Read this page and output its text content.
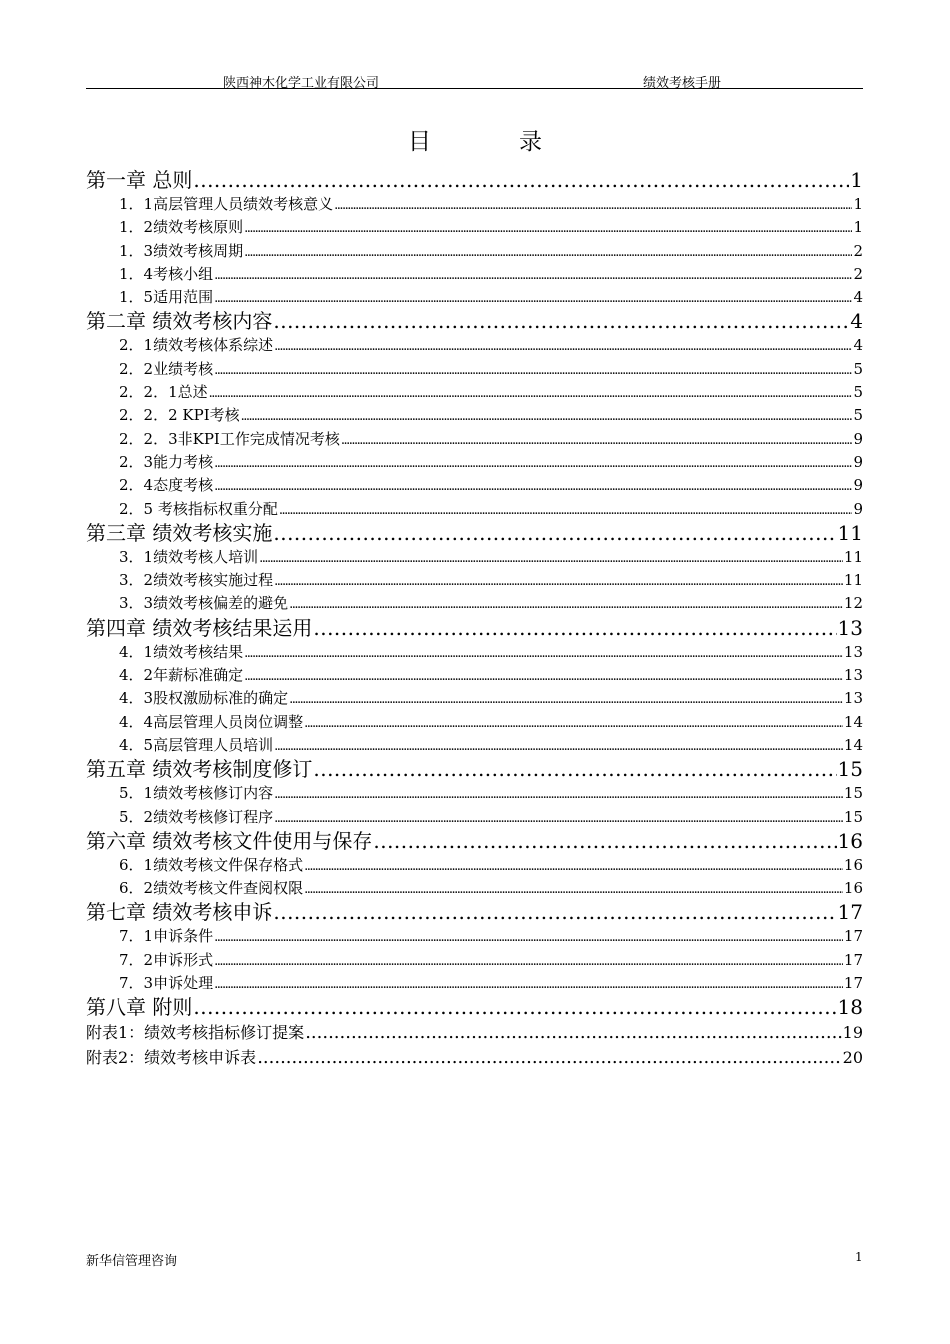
陕西神木化学工业有限公司	绩效考核手册
目	录
第一章 总则 .....	1
1．1高层管理人员绩效考核意义 .....	1
1．2绩效考核原则 .....	1
1．3绩效考核周期 .....	2
1．4考核小组 .....	2
1．5适用范围 .....	4
第二章 绩效考核内容 .....	4
2．1绩效考核体系综述 .....	4
2．2业绩考核 .....	5
2．2．1总述 .....	5
2．2．2 KPI考核 .....	5
2．2．3非KPI工作完成情况考核 .....	9
2．3能力考核 .....	9
2．4态度考核 .....	9
2．5 考核指标权重分配 .....	9
第三章 绩效考核实施 .....	11
3．1绩效考核人培训 .....	11
3．2绩效考核实施过程 .....	11
3．3绩效考核偏差的避免 .....	12
第四章 绩效考核结果运用 .....	13
4．1绩效考核结果 .....	13
4．2年薪标准确定 .....	13
4．3股权激励标准的确定 .....	13
4．4高层管理人员岗位调整 .....	14
4．5高层管理人员培训 .....	14
第五章 绩效考核制度修订 .....	15
5．1绩效考核修订内容 .....	15
5．2绩效考核修订程序 .....	15
第六章 绩效考核文件使用与保存 .....	16
6．1绩效考核文件保存格式 .....	16
6．2绩效考核文件查阅权限 .....	16
第七章 绩效考核申诉 .....	17
7．1申诉条件 .....	17
7．2申诉形式 .....	17
7．3申诉处理 .....	17
第八章 附则 .....	18
附表1：绩效考核指标修订提案 .....	19
附表2：绩效考核申诉表 .....	20
新华信管理咨询	1
